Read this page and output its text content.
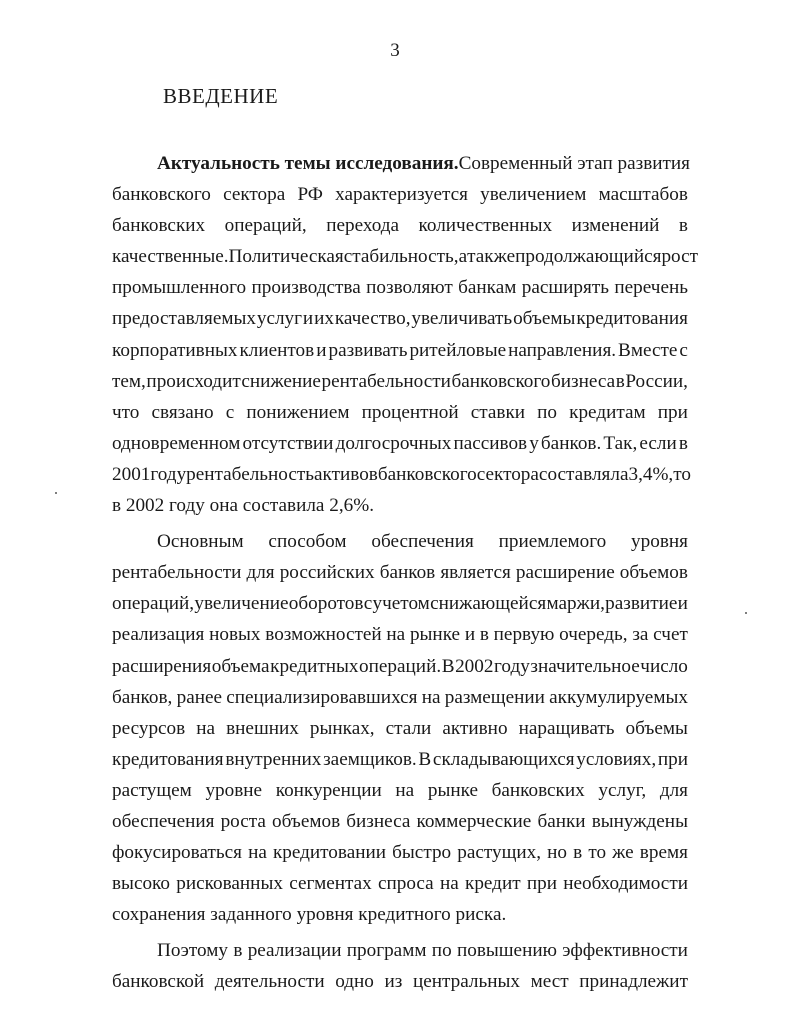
3
ВВЕДЕНИЕ
Актуальность темы исследования. Современный этап развития
банковского сектора РФ характеризуется увеличением масштабов
банковских операций, перехода количественных изменений в
качественные. Политическая стабильность, а также продолжающийся рост
промышленного производства позволяют банкам расширять перечень
предоставляемых услуг и их качество, увеличивать объемы кредитования
корпоративных клиентов и развивать ритейловые направления. Вместе с
тем, происходит снижение рентабельности банковского бизнеса в России,
что связано с понижением процентной ставки по кредитам при
одновременном отсутствии долгосрочных пассивов у банков. Так, если в
2001 году рентабельность активов банковского сектора составляла 3,4%, то
в 2002 году она составила 2,6%.
Основным способом обеспечения приемлемого уровня
рентабельности для российских банков является расширение объемов
операций, увеличение оборотов с учетом снижающейся маржи, развитие и
реализация новых возможностей на рынке и в первую очередь, за счет
расширения объема кредитных операций. В 2002 году значительное число
банков, ранее специализировавшихся на размещении аккумулируемых
ресурсов на внешних рынках, стали активно наращивать объемы
кредитования внутренних заемщиков. В складывающихся условиях, при
растущем уровне конкуренции на рынке банковских услуг, для
обеспечения роста объемов бизнеса коммерческие банки вынуждены
фокусироваться на кредитовании быстро растущих, но в то же время
высоко рискованных сегментах спроса на кредит при необходимости
сохранения заданного уровня кредитного риска.
Поэтому в реализации программ по повышению эффективности
банковской деятельности одно из центральных мест принадлежит
